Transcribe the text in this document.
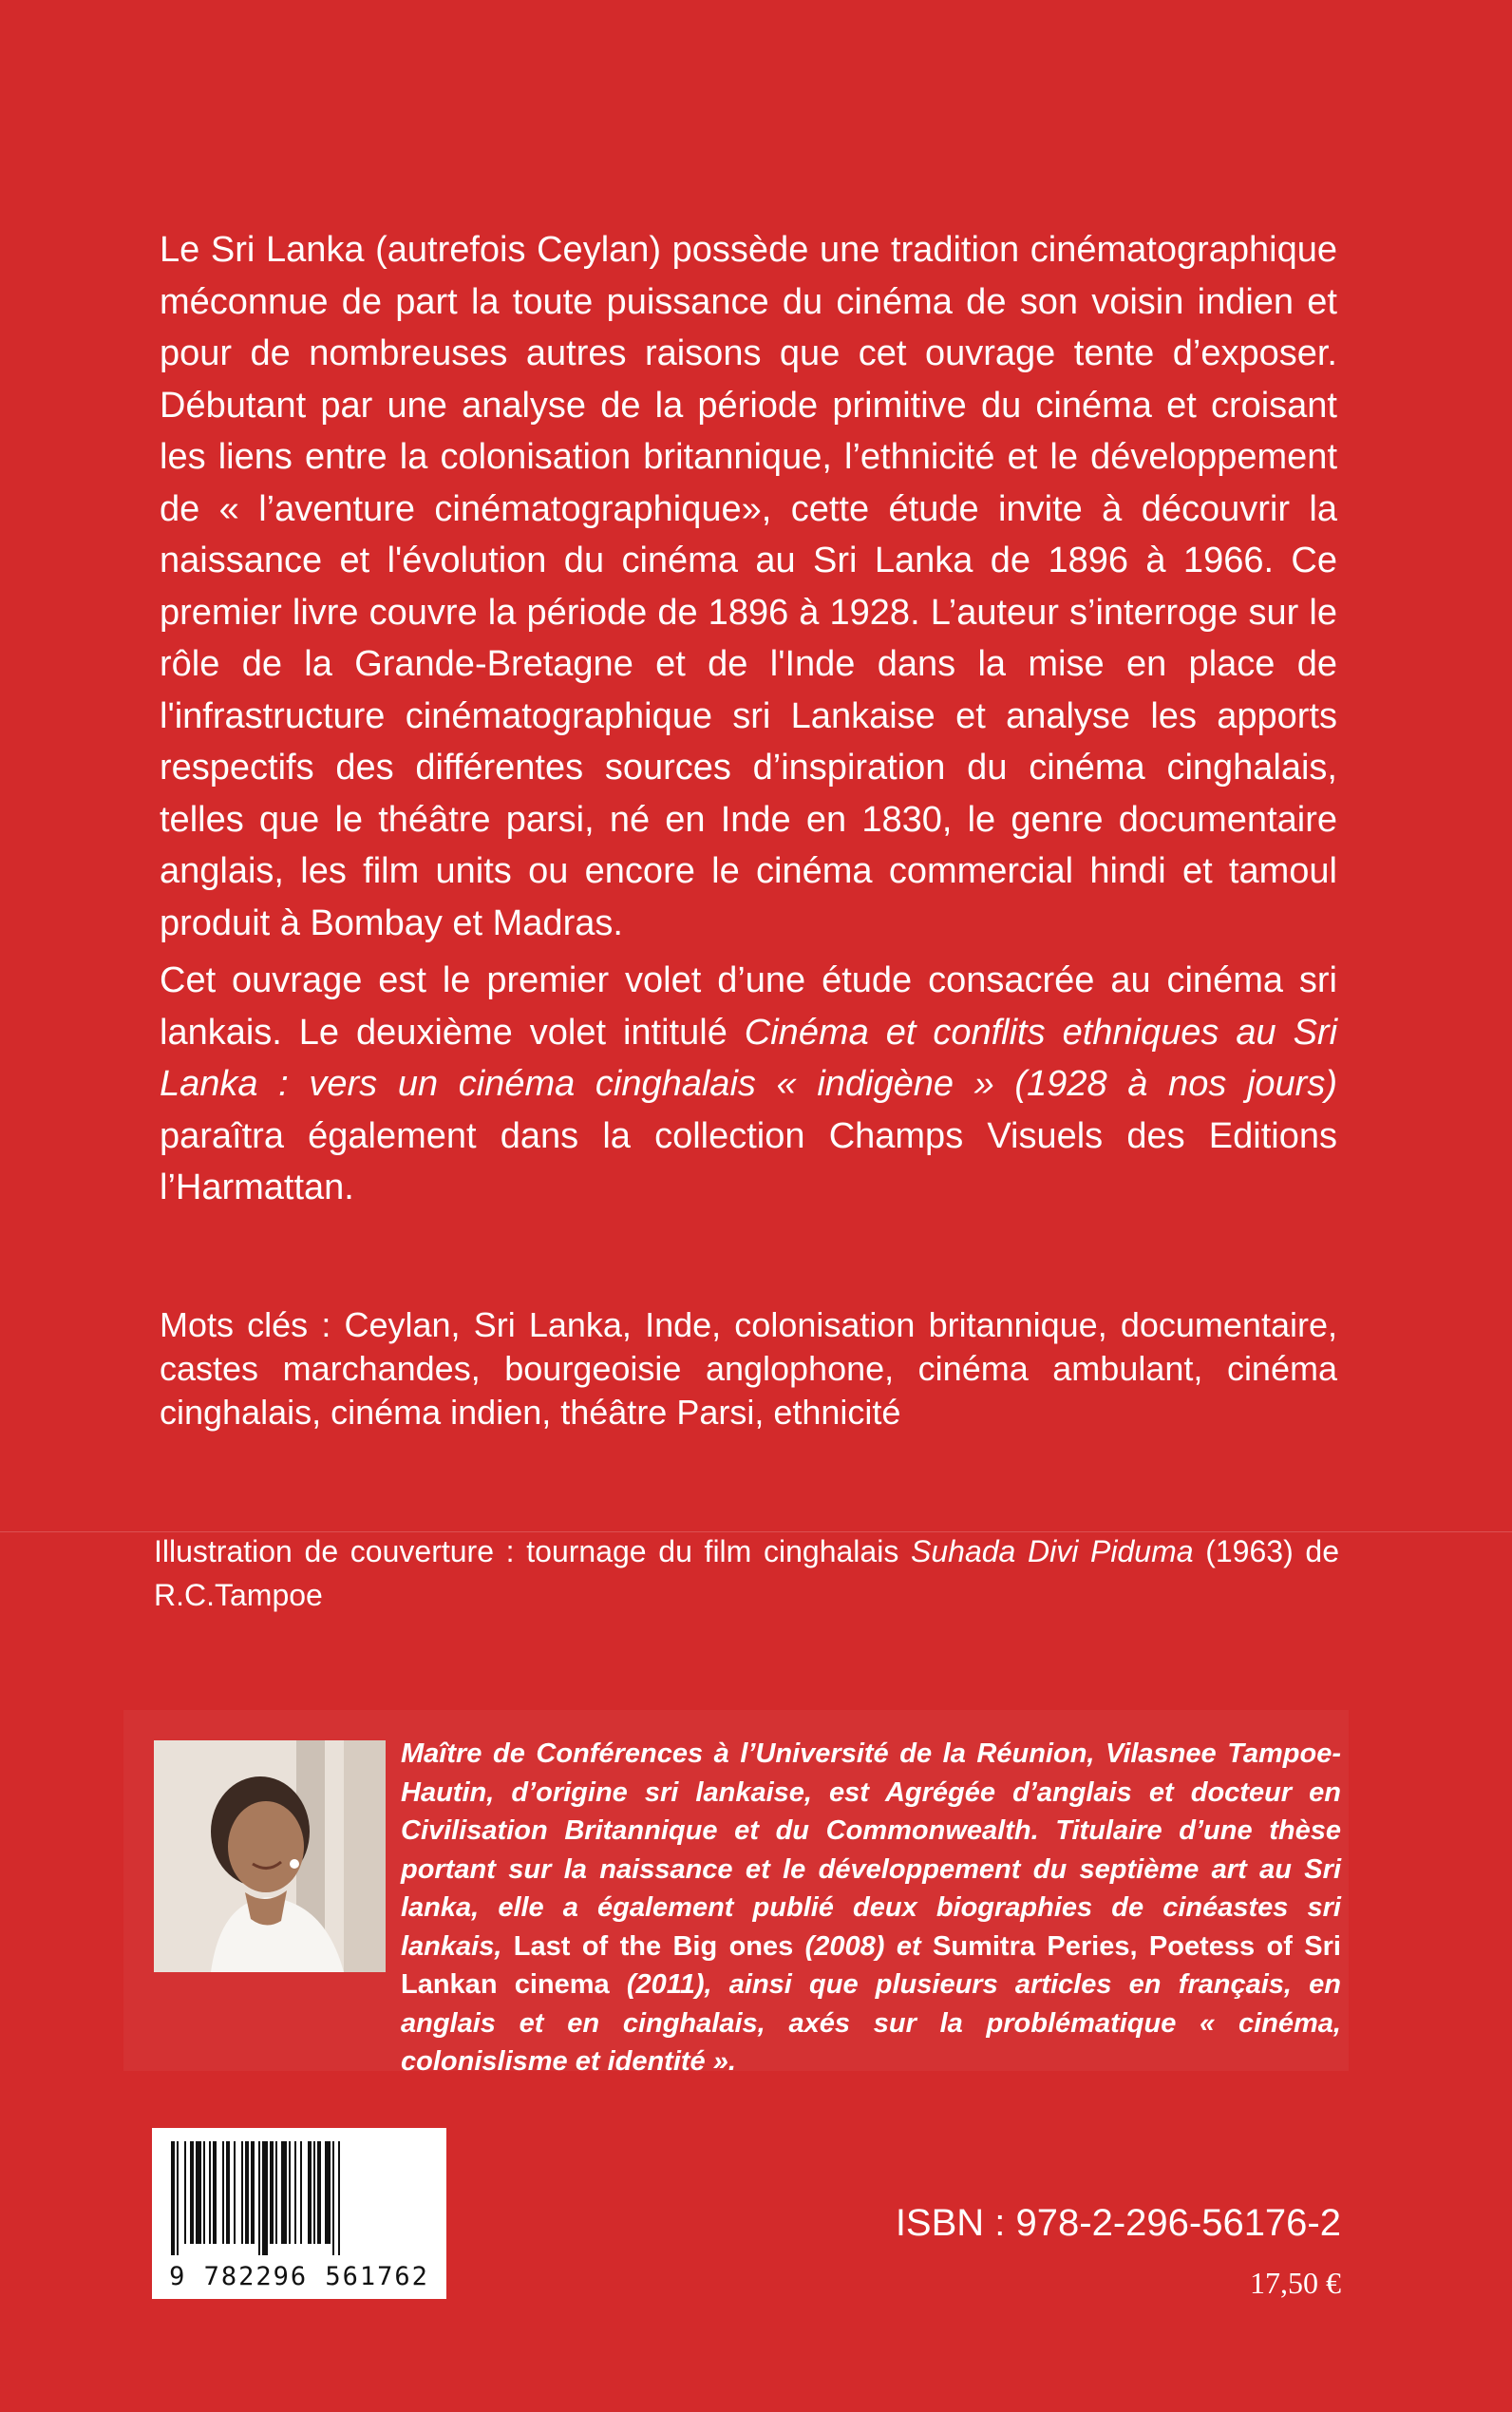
Le Sri Lanka (autrefois Ceylan) possède une tradition cinématographique méconnue de part la toute puissance du cinéma de son voisin indien et pour de nombreuses autres raisons que cet ouvrage tente d’exposer. Débutant par une analyse de la période primitive du cinéma et croisant les liens entre la colonisation britannique, l’ethnicité et le développement de « l’aventure cinématographique», cette étude invite à découvrir la naissance et l'évolution du cinéma au Sri Lanka de 1896 à 1966. Ce premier livre couvre la période de 1896 à 1928. L’auteur s’interroge sur le rôle de la Grande-Bretagne et de l'Inde dans la mise en place de l'infrastructure cinématographique sri Lankaise et analyse les apports respectifs des différentes sources d’inspiration du cinéma cinghalais, telles que le théâtre parsi, né en Inde en 1830, le genre documentaire anglais, les film units ou encore le cinéma commercial hindi et tamoul produit à Bombay et Madras.

Cet ouvrage est le premier volet d’une étude consacrée au cinéma sri lankais. Le deuxième volet intitulé Cinéma et conflits ethniques au Sri Lanka : vers un cinéma cinghalais « indigène » (1928 à nos jours) paraîtra également dans la collection Champs Visuels des Editions l’Harmattan.

Mots clés : Ceylan, Sri Lanka, Inde, colonisation britannique, documentaire, castes marchandes, bourgeoisie anglophone, cinéma ambulant, cinéma cinghalais, cinéma indien, théâtre Parsi, ethnicité

Illustration de couverture : tournage du film cinghalais Suhada Divi Piduma (1963) de R.C.Tampoe

Maître de Conférences à l’Université de la Réunion, Vilasnee Tampoe-Hautin, d’origine sri lankaise, est Agrégée d’anglais et docteur en Civilisation Britannique et du Commonwealth. Titulaire d’une thèse portant sur la naissance et le développement du septième art au Sri lanka, elle a également publié deux biographies de cinéastes sri lankais, Last of the Big ones (2008) et Sumitra Peries, Poetess of Sri Lankan cinema (2011), ainsi que plusieurs articles en français, en anglais et en cinghalais, axés sur la problématique « cinéma, colonislisme et identité ».

9 782296 561762
ISBN : 978-2-296-56176-2
17,50 €
